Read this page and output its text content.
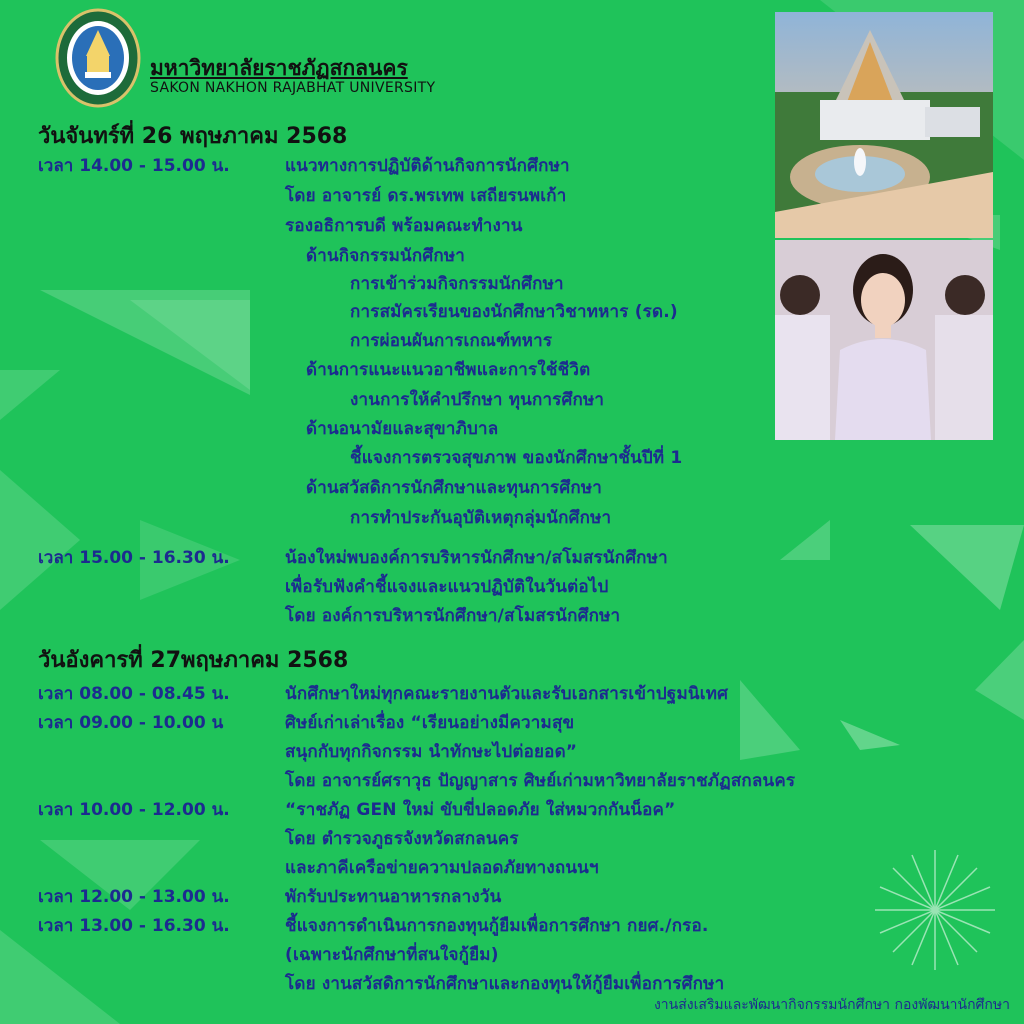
มหาวิทยาลัยราชภัฏสกลนคร
SAKON NAKHON RAJABHAT UNIVERSITY
วันจันทร์ที่ 26 พฤษภาคม 2568
เวลา 14.00 - 15.00 น.	แนวทางการปฏิบัติด้านกิจการนักศึกษา
โดย อาจารย์ ดร.พรเทพ เสถียรนพเก้า
รองอธิการบดี พร้อมคณะทำงาน
ด้านกิจกรรมนักศึกษา
การเข้าร่วมกิจกรรมนักศึกษา
การสมัครเรียนของนักศึกษาวิชาทหาร (รด.)
การผ่อนผันการเกณฑ์ทหาร
ด้านการแนะแนวอาชีพและการใช้ชีวิต
งานการให้คำปรึกษา ทุนการศึกษา
ด้านอนามัยและสุขาภิบาล
ชี้แจงการตรวจสุขภาพ ของนักศึกษาชั้นปีที่ 1
ด้านสวัสดิการนักศึกษาและทุนการศึกษา
การทำประกันอุบัติเหตุกลุ่มนักศึกษา
เวลา 15.00 - 16.30 น.	น้องใหม่พบองค์การบริหารนักศึกษา/สโมสรนักศึกษา
เพื่อรับฟังคำชี้แจงและแนวปฏิบัติในวันต่อไป
โดย องค์การบริหารนักศึกษา/สโมสรนักศึกษา
วันอังคารที่ 27พฤษภาคม 2568
เวลา 08.00 - 08.45 น.	นักศึกษาใหม่ทุกคณะรายงานตัวและรับเอกสารเข้าปฐมนิเทศ
เวลา 09.00 - 10.00 น	ศิษย์เก่าเล่าเรื่อง “เรียนอย่างมีความสุข
สนุกกับทุกกิจกรรม นำทักษะไปต่อยอด”
โดย อาจารย์ศราวุธ ปัญญาสาร ศิษย์เก่ามหาวิทยาลัยราชภัฏสกลนคร
เวลา 10.00 - 12.00 น.	“ราชภัฏ GEN ใหม่ ขับขี่ปลอดภัย ใส่หมวกกันน็อค”
โดย ตำรวจภูธรจังหวัดสกลนคร
และภาคีเครือข่ายความปลอดภัยทางถนนฯ
เวลา 12.00 - 13.00 น.	พักรับประทานอาหารกลางวัน
เวลา 13.00 - 16.30 น.	ชี้แจงการดำเนินการกองทุนกู้ยืมเพื่อการศึกษา กยศ./กรอ.
(เฉพาะนักศึกษาที่สนใจกู้ยืม)
โดย งานสวัสดิการนักศึกษาและกองทุนให้กู้ยืมเพื่อการศึกษา
งานส่งเสริมและพัฒนากิจกรรมนักศึกษา กองพัฒนานักศึกษา
